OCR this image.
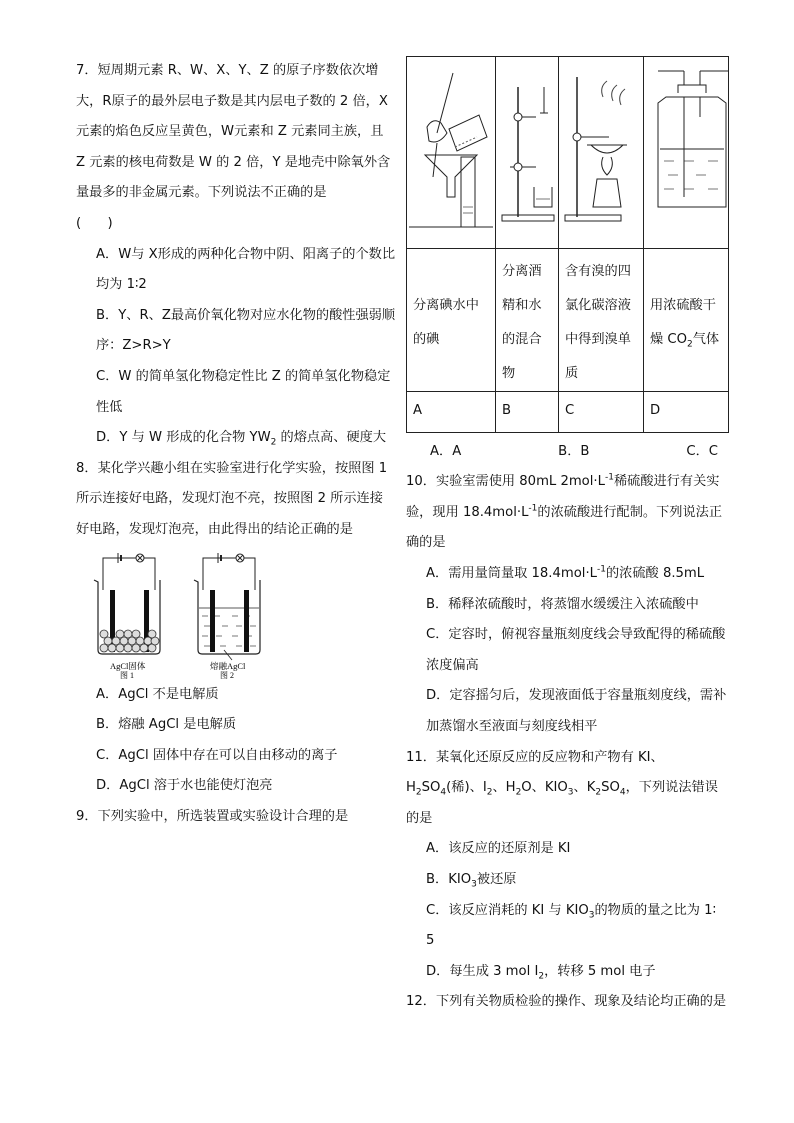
7．短周期元素 R、W、X、Y、Z 的原子序数依次增大，R原子的最外层电子数是其内层电子数的 2 倍，X元素的焰色反应呈黄色，W元素和 Z 元素同主族，且 Z 元素的核电荷数是 W 的 2 倍，Y 是地壳中除氧外含量最多的非金属元素。下列说法不正确的是

(　　)

A．W与 X形成的两种化合物中阴、阳离子的个数比均为 1∶2

B．Y、R、Z最高价氧化物对应水化物的酸性强弱顺序：Z>R>Y

C．W 的简单氢化物稳定性比 Z 的简单氢化物稳定性低

D．Y 与 W 形成的化合物 $YW_2$ 的熔点高、硬度大

8．某化学兴趣小组在实验室进行化学实验，按照图 1 所示连接好电路，发现灯泡不亮，按照图 2 所示连接好电路，发现灯泡亮，由此得出的结论正确的是

AgCl固体
图 1
熔融AgCl
图 2

A．AgCl 不是电解质

B．熔融 AgCl 是电解质

C．AgCl 固体中存在可以自由移动的离子

D．AgCl 溶于水也能使灯泡亮

9．下列实验中，所选装置或实验设计合理的是

分离碘水中的碘	分离酒精和水的混合物	含有溴的四氯化碳溶液中得到溴单质	用浓硫酸干燥 $CO_2$气体
A	B	C	D
A．A	B．B	C．C

10．实验室需使用 80mL $2mol\cdot L^{-1}$稀硫酸进行有关实验，现用 $18.4mol\cdot L^{-1}$的浓硫酸进行配制。下列说法正确的是

A．需用量筒量取 $18.4mol\cdot L^{-1}$的浓硫酸 8.5mL

B．稀释浓硫酸时，将蒸馏水缓缓注入浓硫酸中

C．定容时，俯视容量瓶刻度线会导致配得的稀硫酸浓度偏高

D．定容摇匀后，发现液面低于容量瓶刻度线，需补加蒸馏水至液面与刻度线相平

11．某氧化还原反应的反应物和产物有 KI、$H_2SO_4$(稀)、$I_2$、$H_2O$、$KIO_3$、$K_2SO_4$，下列说法错误的是

A．该反应的还原剂是 KI

B．$KIO_3$被还原

C．该反应消耗的 KI 与 $KIO_3$的物质的量之比为 1∶ 5

D．每生成 3 mol $I_2$，转移 5 mol 电子

12．下列有关物质检验的操作、现象及结论均正确的是
